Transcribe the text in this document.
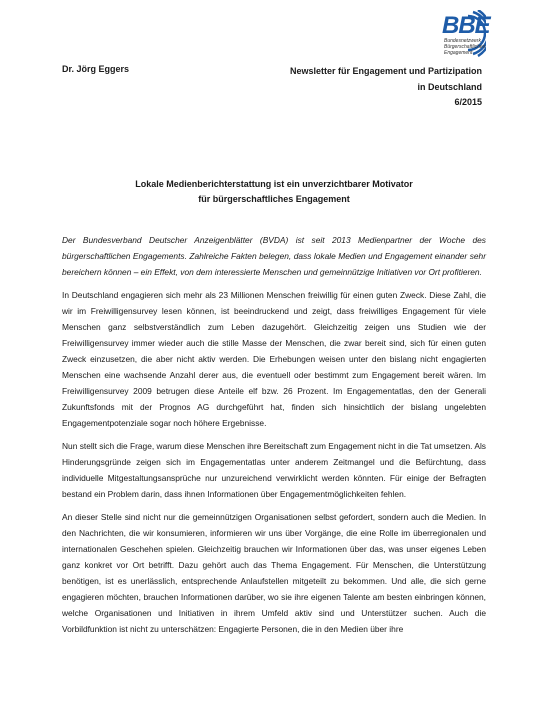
BBE
Bundesnetzwerk
Bürgerschaftliches
Engagement
Dr. Jörg Eggers	Newsletter für Engagement und Partizipation
in Deutschland
6/2015
Lokale Medienberichterstattung ist ein unverzichtbarer Motivator
für bürgerschaftliches Engagement

Der Bundesverband Deutscher Anzeigenblätter (BVDA) ist seit 2013 Medienpartner der Woche des bürgerschaftlichen Engagements. Zahlreiche Fakten belegen, dass lokale Medien und Engagement einander sehr bereichern können – ein Effekt, von dem interessierte Menschen und gemeinnützige Initiativen vor Ort profitieren.

In Deutschland engagieren sich mehr als 23 Millionen Menschen freiwillig für einen guten Zweck. Diese Zahl, die wir im Freiwilligensurvey lesen können, ist beeindruckend und zeigt, dass freiwilliges Engagement für viele Menschen ganz selbstverständlich zum Leben dazugehört. Gleichzeitig zeigen uns Studien wie der Freiwilligensurvey immer wieder auch die stille Masse der Menschen, die zwar bereit sind, sich für einen guten Zweck einzusetzen, die aber nicht aktiv werden. Die Erhebungen weisen unter den bislang nicht engagierten Menschen eine wachsende Anzahl derer aus, die eventuell oder bestimmt zum Engagement bereit wären. Im Freiwilligensurvey 2009 betrugen diese Anteile elf bzw. 26 Prozent. Im Engagementatlas, den der Generali Zukunftsfonds mit der Prognos AG durchgeführt hat, finden sich hinsichtlich der bislang ungelebten Engagementpotenziale sogar noch höhere Ergebnisse.

Nun stellt sich die Frage, warum diese Menschen ihre Bereitschaft zum Engagement nicht in die Tat umsetzen. Als Hinderungsgründe zeigen sich im Engagementatlas unter anderem Zeitmangel und die Befürchtung, dass individuelle Mitgestaltungsansprüche nur unzureichend verwirklicht werden könnten. Für einige der Befragten bestand ein Problem darin, dass ihnen Informationen über Engagementmöglichkeiten fehlen.

An dieser Stelle sind nicht nur die gemeinnützigen Organisationen selbst gefordert, sondern auch die Medien. In den Nachrichten, die wir konsumieren, informieren wir uns über Vorgänge, die eine Rolle im überregionalen und internationalen Geschehen spielen. Gleichzeitig brauchen wir Informationen über das, was unser eigenes Leben ganz konkret vor Ort betrifft. Dazu gehört auch das Thema Engagement. Für Menschen, die Unterstützung benötigen, ist es unerlässlich, entsprechende Anlaufstellen mitgeteilt zu bekommen. Und alle, die sich gerne engagieren möchten, brauchen Informationen darüber, wo sie ihre eigenen Talente am besten einbringen können, welche Organisationen und Initiativen in ihrem Umfeld aktiv sind und Unterstützer suchen. Auch die Vorbildfunktion ist nicht zu unterschätzen: Engagierte Personen, die in den Medien über ihre
